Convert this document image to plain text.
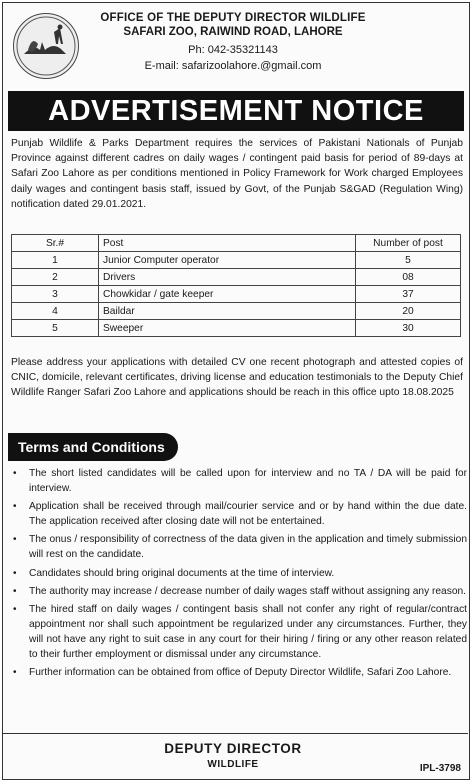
OFFICE OF THE DEPUTY DIRECTOR WILDLIFE
SAFARI ZOO, RAIWIND ROAD, LAHORE
Ph: 042-35321143
E-mail: safarizoolahore.@gmail.com
ADVERTISEMENT NOTICE
Punjab Wildlife & Parks Department requires the services of Pakistani Nationals of Punjab Province against different cadres on daily wages / contingent paid basis for period of 89-days at Safari Zoo Lahore as per conditions mentioned in Policy Framework for Work charged Employees daily wages and contingent basis staff, issued by Govt, of the Punjab S&GAD (Regulation Wing) notification dated 29.01.2021.
Sr.#	Post	Number of post
1	Junior Computer operator	5
2	Drivers	08
3	Chowkidar / gate keeper	37
4	Baildar	20
5	Sweeper	30
Please address your applications with detailed CV one recent photograph and attested copies of CNIC, domicile, relevant certificates, driving license and education testimonials to the Deputy Chief Wildlife Ranger Safari Zoo Lahore and applications should be reach in this office upto 18.08.2025
Terms and Conditions
• The short listed candidates will be called upon for interview and no TA / DA will be paid for interview.
• Application shall be received through mail/courier service and or by hand within the due date. The application received after closing date will not be entertained.
• The onus / responsibility of correctness of the data given in the application and timely submission will rest on the candidate.
• Candidates should bring original documents at the time of interview.
• The authority may increase / decrease number of daily wages staff without assigning any reason.
• The hired staff on daily wages / contingent basis shall not confer any right of regular/contract appointment nor shall such appointment be regularized under any circumstances. Further, they will not have any right to suit case in any court for their hiring / firing or any other reason related to their further employment or dismissal under any circumstance.
• Further information can be obtained from office of Deputy Director Wildlife, Safari Zoo Lahore.
DEPUTY DIRECTOR
WILDLIFE	IPL-3798
